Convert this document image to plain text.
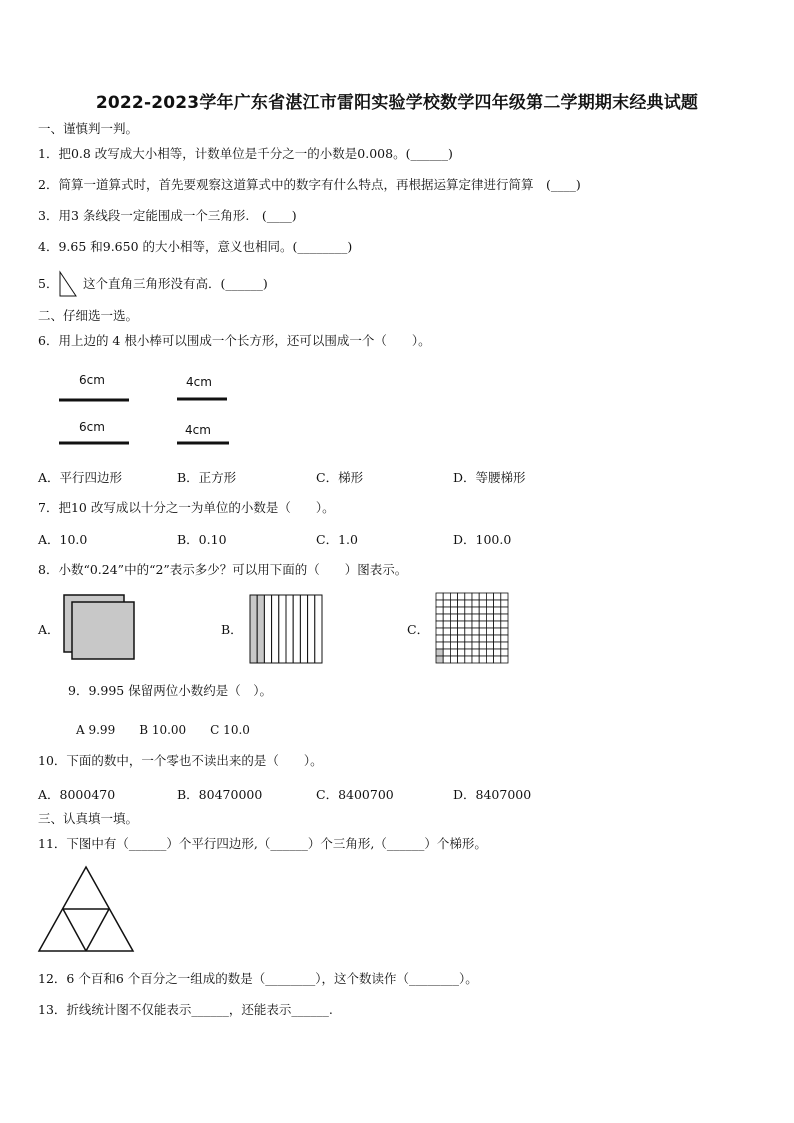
2022-2023学年广东省湛江市雷阳实验学校数学四年级第二学期期末经典试题
一、谨慎判一判。
1．把0.8 改写成大小相等，计数单位是千分之一的小数是0.008。(______)
2．简算一道算式时，首先要观察这道算式中的数字有什么特点，再根据运算定律进行简算　(____)
3．用3 条线段一定能围成一个三角形.　(____)
4．9.65 和9.650 的大小相等，意义也相同。(________)
5． 这个直角三角形没有高．(______)
二、仔细选一选。
6．用上边的 4 根小棒可以围成一个长方形，还可以围成一个（　　）。
6cm	4cm
6cm	4cm
A．平行四边形	B．正方形	C．梯形	D．等腰梯形
7．把10 改写成以十分之一为单位的小数是（　　）。
A．10.0	B．0.10	C．1.0	D．100.0
8．小数“0.24”中的“2”表示多少？可以用下面的（　　）图表示。
A．	B．	C．
9．9.995 保留两位小数约是（　）。
A 9.99　　B 10.00　　C 10.0
10．下面的数中，一个零也不读出来的是（　　）。
A．8000470	B．80470000	C．8400700	D．8407000
三、认真填一填。
11．下图中有（______）个平行四边形,（______）个三角形,（______）个梯形。
12．6 个百和6 个百分之一组成的数是（________），这个数读作（________）。
13．折线统计图不仅能表示______，还能表示______.
